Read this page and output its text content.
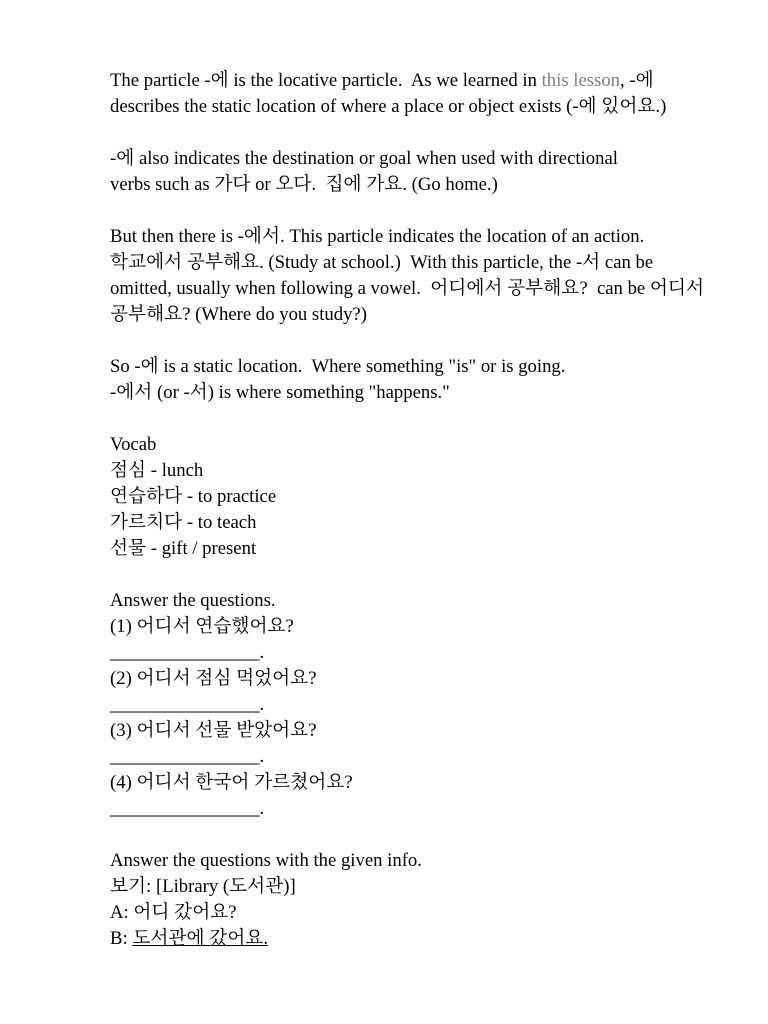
The particle -에 is the locative particle.  As we learned in this lesson, -에
describes the static location of where a place or object exists (-에 있어요.)
-에 also indicates the destination or goal when used with directional
verbs such as 가다 or 오다.  집에 가요. (Go home.)
But then there is -에서. This particle indicates the location of an action.
학교에서 공부해요. (Study at school.)  With this particle, the -서 can be
omitted, usually when following a vowel.  어디에서 공부해요?  can be 어디서
공부해요? (Where do you study?)
So -에 is a static location.  Where something "is" or is going.
-에서 (or -서) is where something "happens."
Vocab
점심 - lunch
연습하다 - to practice
가르치다 - to teach
선물 - gift / present
Answer the questions.
(1) 어디서 연습했어요?
________________.
(2) 어디서 점심 먹었어요?
________________.
(3) 어디서 선물 받았어요?
________________.
(4) 어디서 한국어 가르쳤어요?
________________.
Answer the questions with the given info.
보기: [Library (도서관)]
A: 어디 갔어요?
B: 도서관에 갔어요.
